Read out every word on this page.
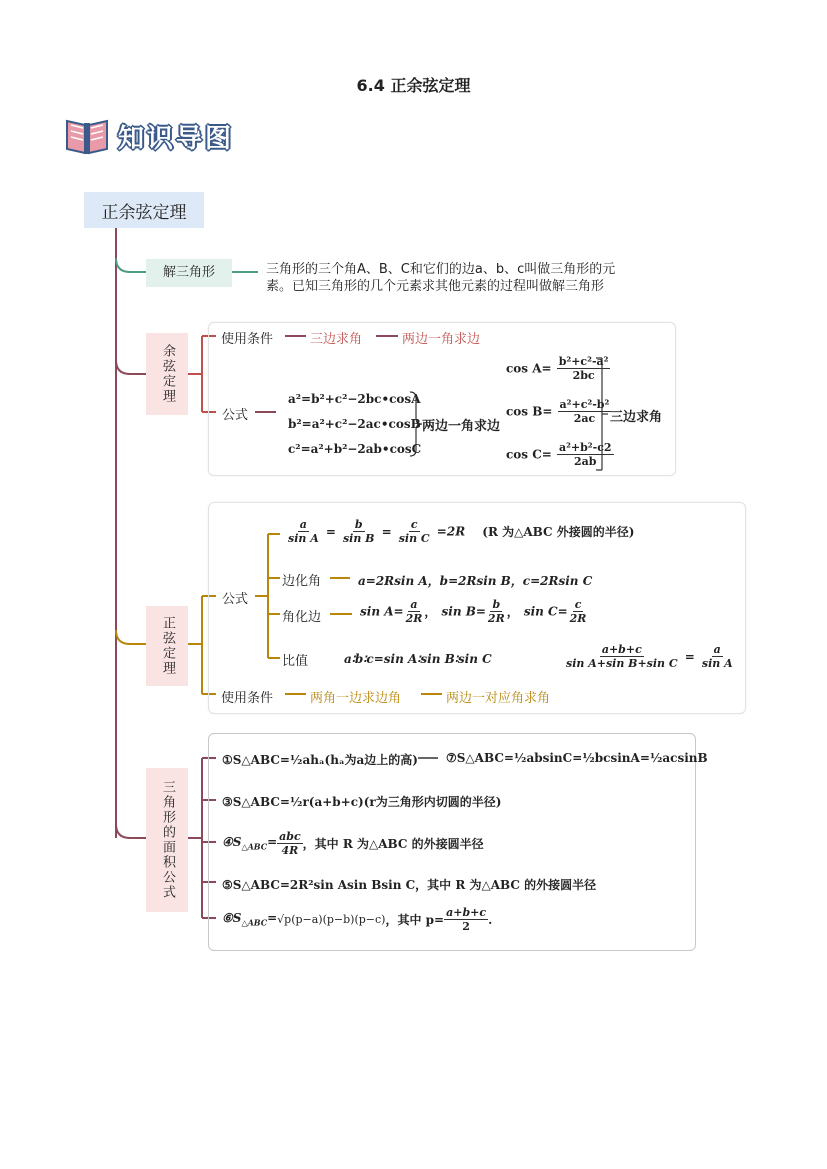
6.4 正余弦定理
知识导图
正余弦定理
解三角形	三角形的三个角A、B、C和它们的边a、b、c叫做三角形的元
素。已知三角形的几个元素求其他元素的过程叫做解三角形
余弦定理
使用条件	三边求角	两边一角求边
公式
a²=b²+c²−2bc•cosA
b²=a²+c²−2ac•cosB
c²=a²+b²−2ab•cosC
两边一角求边
$\cos A= \frac{\text{b²+c²-a²}}{2bc}$
$\cos B= \frac{\text{a²+c²-b²}}{2ac}$
$\cos C= \frac{\text{a²+b²-c2}}{2ab}$
三边求角
正弦定理
公式
$\frac{a}{\text{sin A}} = \frac{b}{\text{sin B}} = \frac{c}{\text{sin C}} =2R$ (R 为△ABC 外接圆的半径)
边化角	a=2Rsin A，b=2Rsin B，c=2Rsin C
角化边	$\sin A= \frac{a}{2R}$ ， $\sin B= \frac{b}{2R}$ ， $\sin C= \frac{c}{2R}$
比值	a∶b∶c=sin A∶sin B∶sin C	$\frac{a+b+c}{\text{sin A+sin B+sin C}} = \frac{a}{\text{sin A}}$
使用条件	两角一边求边角	两边一对应角求角
三角形的面积公式
①S△ABC=½ahₐ(hₐ为a边上的高) ⑦S△ABC=½absinC=½bcsinA=½acsinB
③S△ABC=½r(a+b+c)(r为三角形内切圆的半径)
$④S_{\triangle ABC}= \frac{\text{abc}}{4R}$ ，其中 R 为△ABC 的外接圆半径
⑤S△ABC=2R²sin Asin Bsin C，其中 R 为△ABC 的外接圆半径
$⑥S_{\triangle ABC}=√p(p-a)(p-b)(p-c)$，其中 $p= \frac{a+b+c}{2}$ .
